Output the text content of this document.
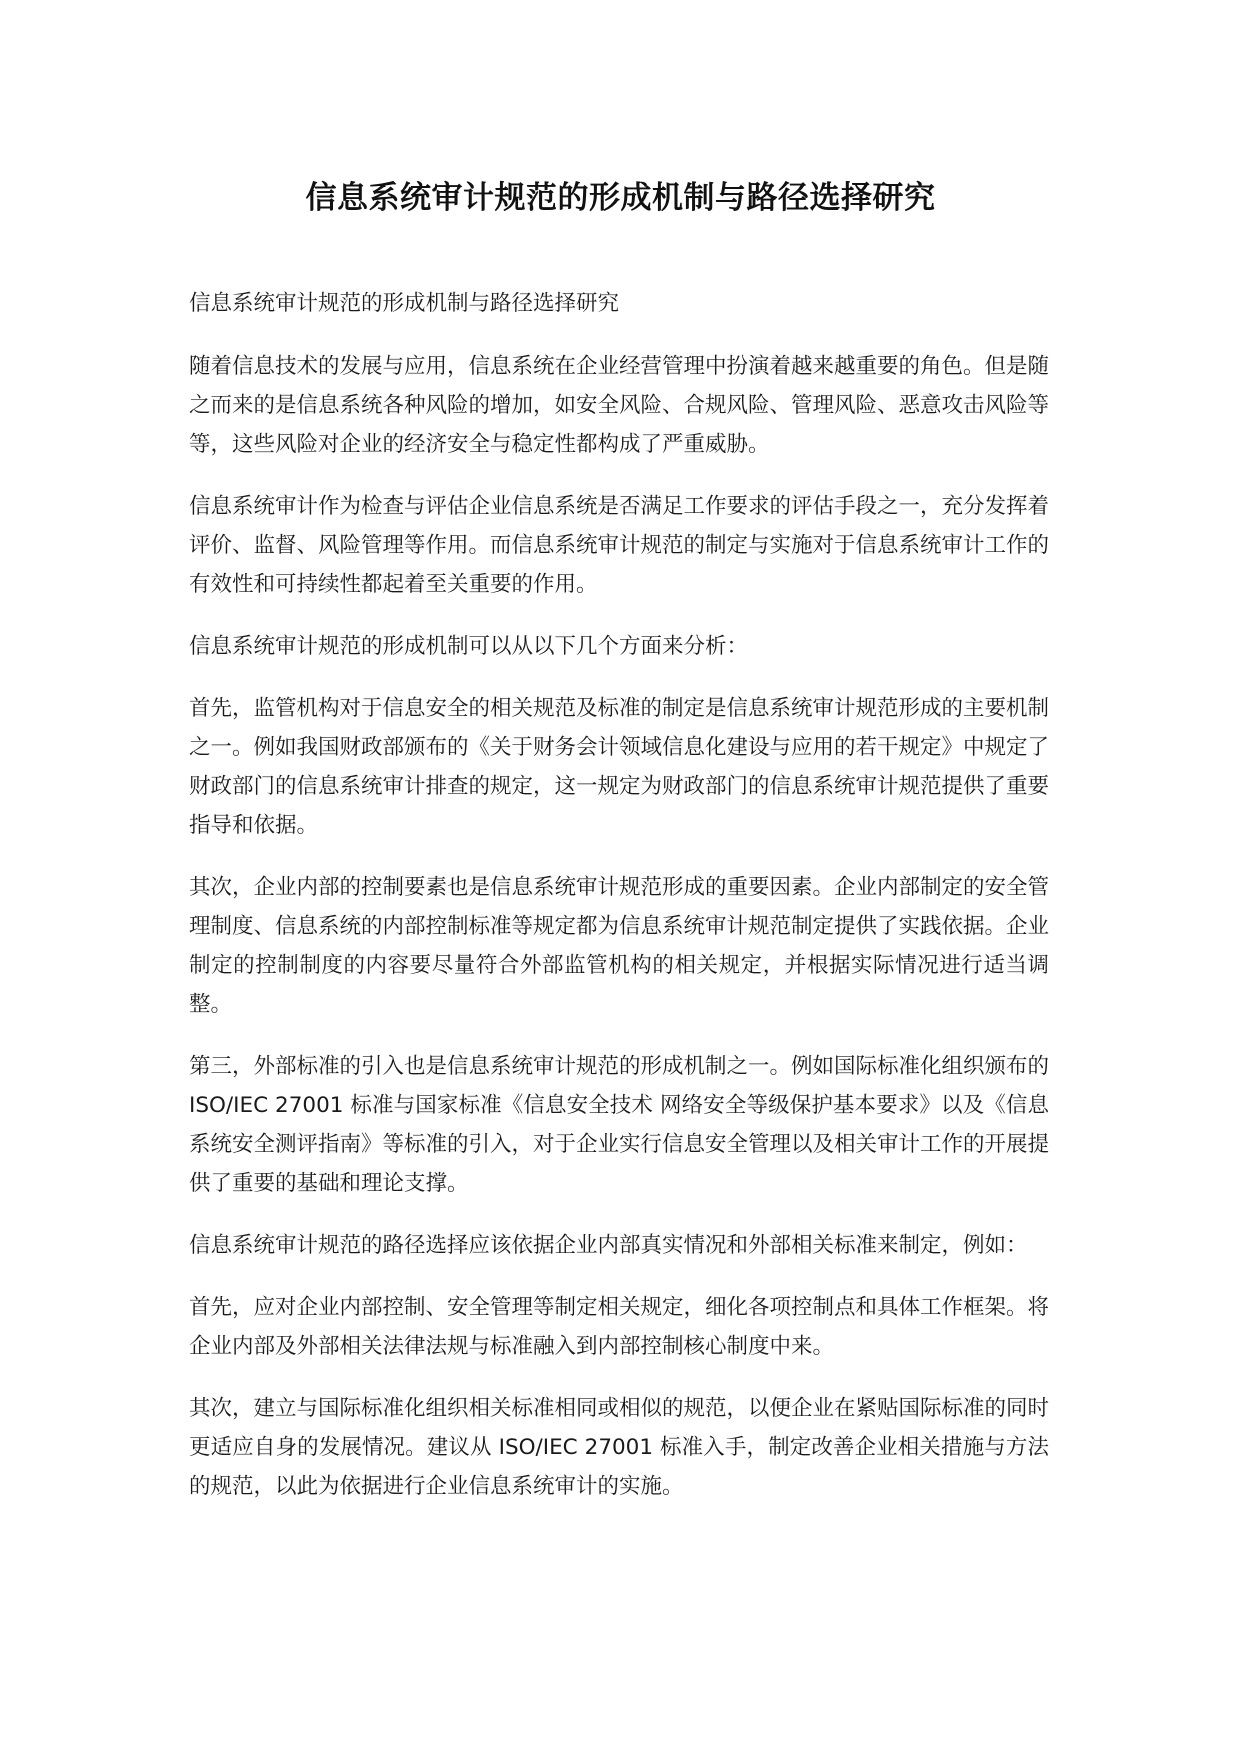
信息系统审计规范的形成机制与路径选择研究

信息系统审计规范的形成机制与路径选择研究

随着信息技术的发展与应用，信息系统在企业经营管理中扮演着越来越重要的角色。但是随之而来的是信息系统各种风险的增加，如安全风险、合规风险、管理风险、恶意攻击风险等等，这些风险对企业的经济安全与稳定性都构成了严重威胁。

信息系统审计作为检查与评估企业信息系统是否满足工作要求的评估手段之一，充分发挥着评价、监督、风险管理等作用。而信息系统审计规范的制定与实施对于信息系统审计工作的有效性和可持续性都起着至关重要的作用。

信息系统审计规范的形成机制可以从以下几个方面来分析：

首先，监管机构对于信息安全的相关规范及标准的制定是信息系统审计规范形成的主要机制之一。例如我国财政部颁布的《关于财务会计领域信息化建设与应用的若干规定》中规定了财政部门的信息系统审计排查的规定，这一规定为财政部门的信息系统审计规范提供了重要指导和依据。

其次，企业内部的控制要素也是信息系统审计规范形成的重要因素。企业内部制定的安全管理制度、信息系统的内部控制标准等规定都为信息系统审计规范制定提供了实践依据。企业制定的控制制度的内容要尽量符合外部监管机构的相关规定，并根据实际情况进行适当调整。

第三，外部标准的引入也是信息系统审计规范的形成机制之一。例如国际标准化组织颁布的 ISO/IEC 27001 标准与国家标准《信息安全技术 网络安全等级保护基本要求》以及《信息系统安全测评指南》等标准的引入，对于企业实行信息安全管理以及相关审计工作的开展提供了重要的基础和理论支撑。

信息系统审计规范的路径选择应该依据企业内部真实情况和外部相关标准来制定，例如：

首先，应对企业内部控制、安全管理等制定相关规定，细化各项控制点和具体工作框架。将企业内部及外部相关法律法规与标准融入到内部控制核心制度中来。

其次，建立与国际标准化组织相关标准相同或相似的规范，以便企业在紧贴国际标准的同时更适应自身的发展情况。建议从 ISO/IEC 27001 标准入手，制定改善企业相关措施与方法的规范，以此为依据进行企业信息系统审计的实施。
